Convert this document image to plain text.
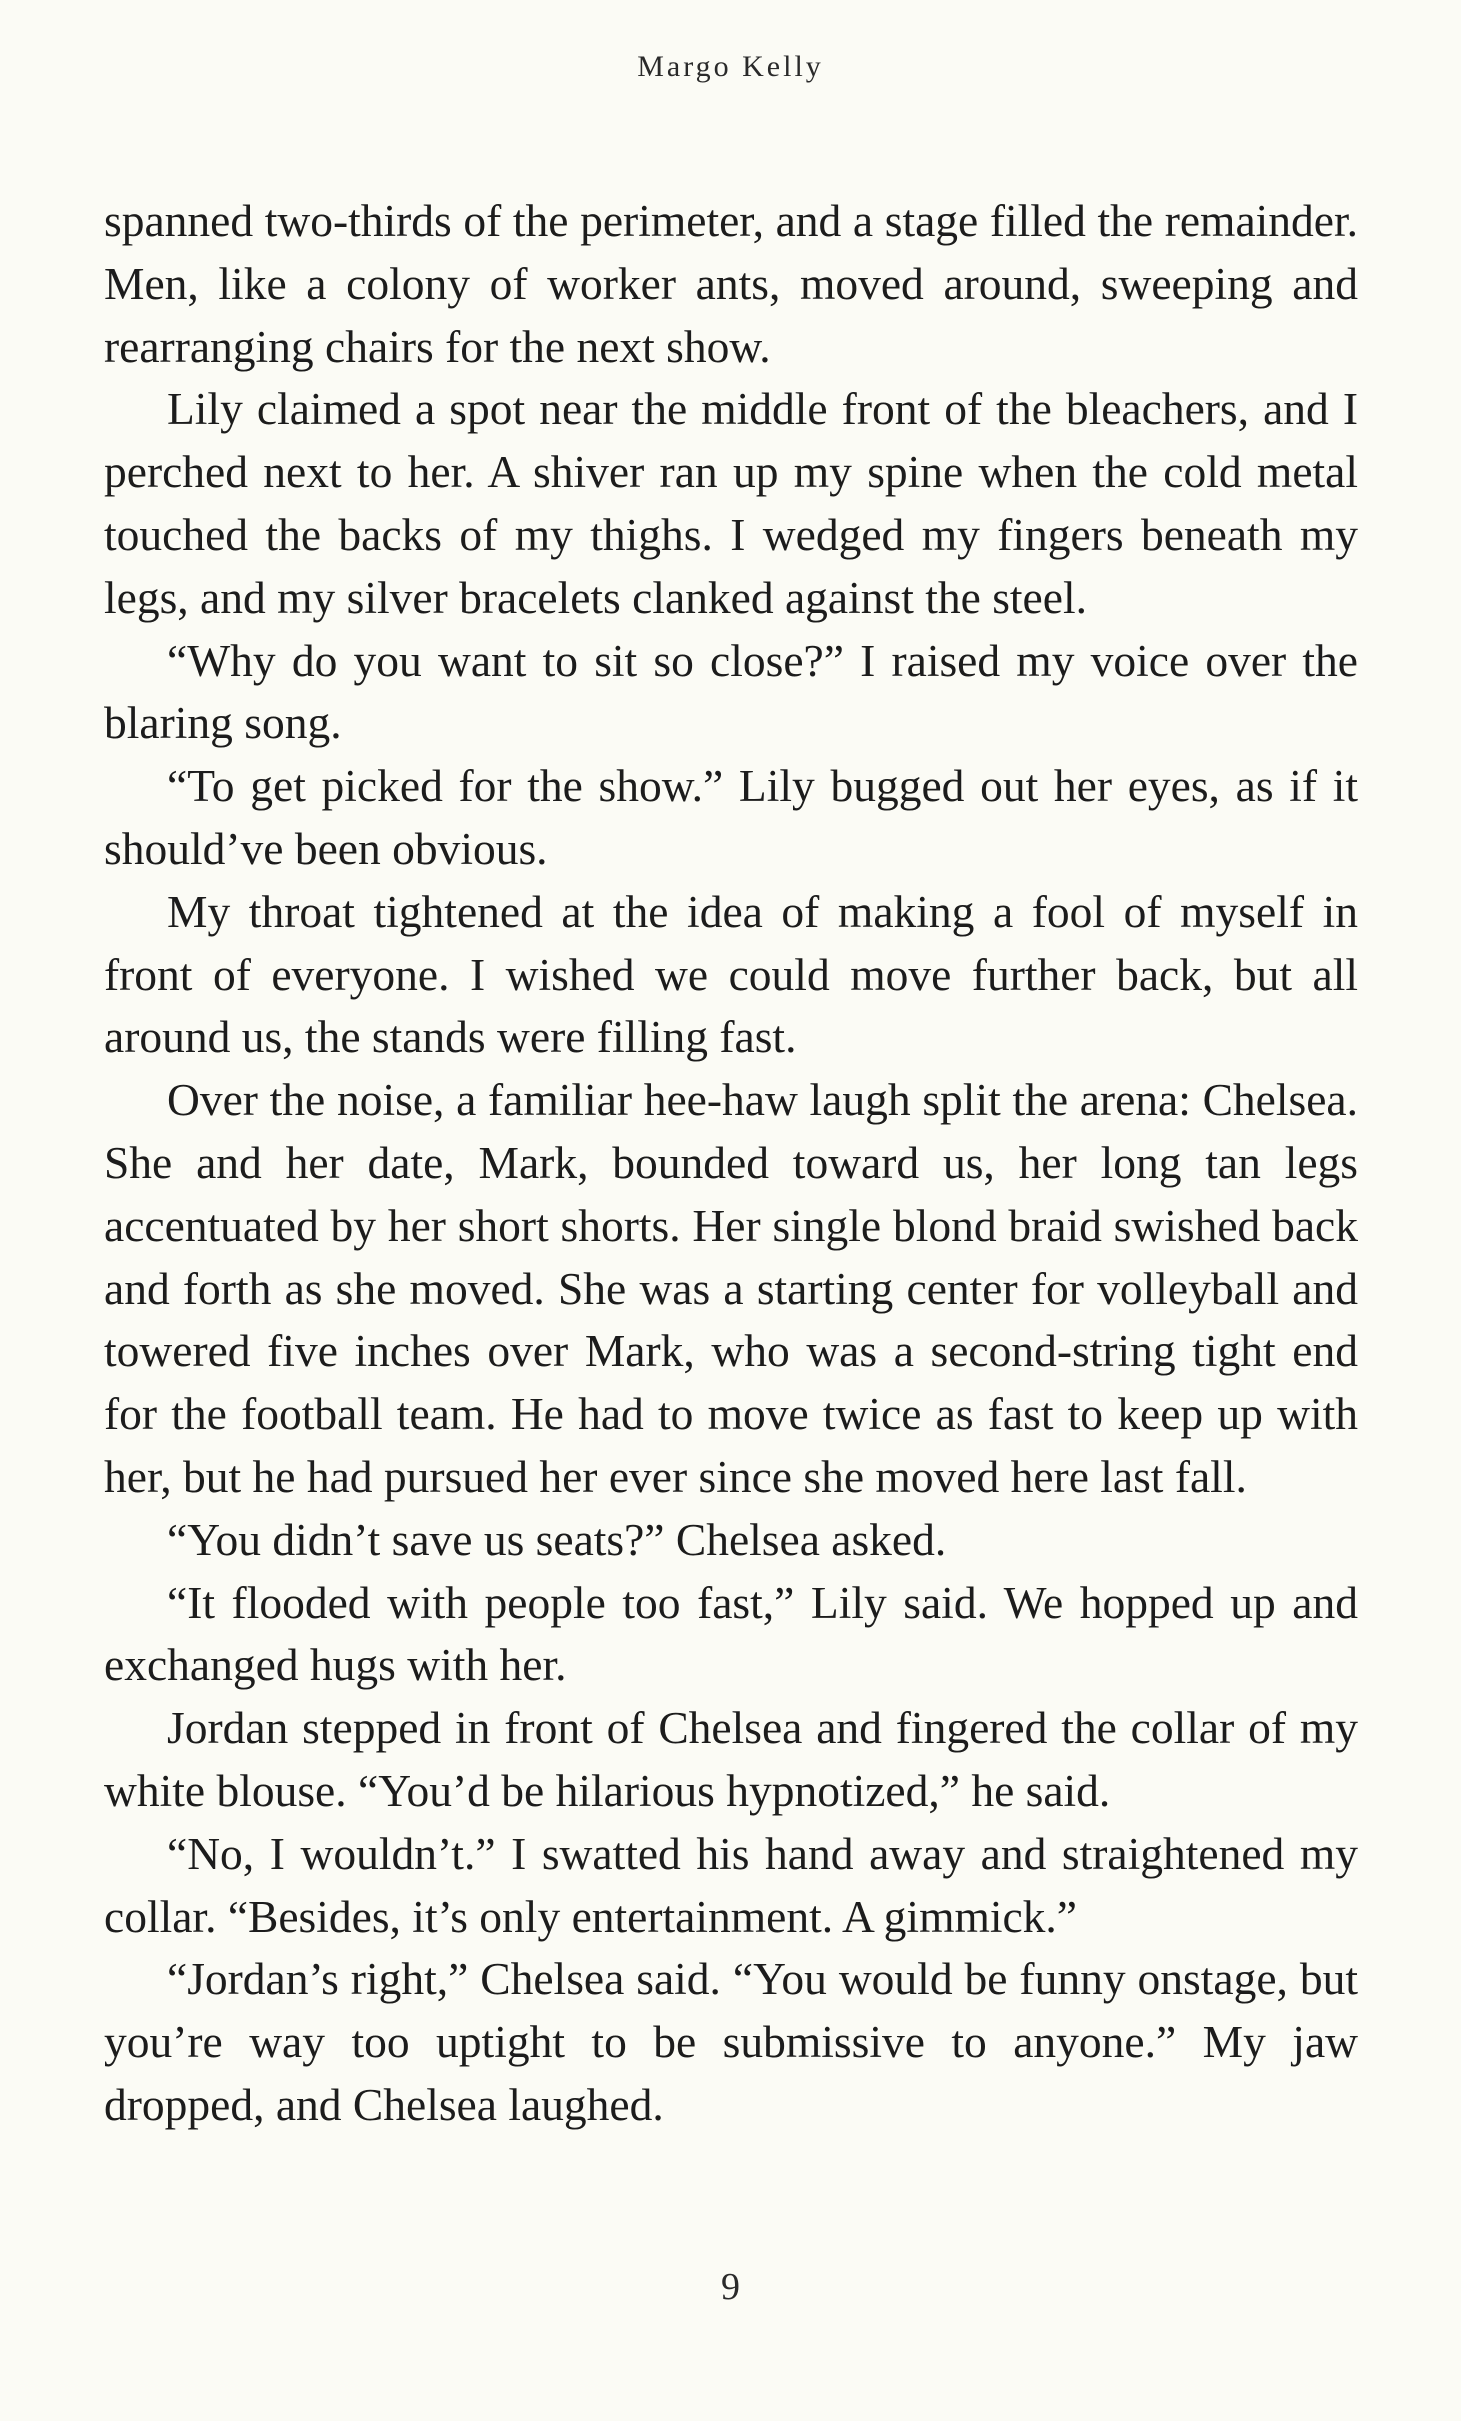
Margo Kelly

spanned two-thirds of the perimeter, and a stage filled the remainder. Men, like a colony of worker ants, moved around, sweeping and rearranging chairs for the next show.

Lily claimed a spot near the middle front of the bleachers, and I perched next to her. A shiver ran up my spine when the cold metal touched the backs of my thighs. I wedged my fingers beneath my legs, and my silver bracelets clanked against the steel.

“Why do you want to sit so close?” I raised my voice over the blaring song.

“To get picked for the show.” Lily bugged out her eyes, as if it should’ve been obvious.

My throat tightened at the idea of making a fool of myself in front of everyone. I wished we could move further back, but all around us, the stands were filling fast.

Over the noise, a familiar hee-haw laugh split the arena: Chelsea. She and her date, Mark, bounded toward us, her long tan legs accentuated by her short shorts. Her single blond braid swished back and forth as she moved. She was a starting center for volleyball and towered five inches over Mark, who was a second-string tight end for the football team. He had to move twice as fast to keep up with her, but he had pursued her ever since she moved here last fall.

“You didn’t save us seats?” Chelsea asked.

“It flooded with people too fast,” Lily said. We hopped up and exchanged hugs with her.

Jordan stepped in front of Chelsea and fingered the collar of my white blouse. “You’d be hilarious hypnotized,” he said.

“No, I wouldn’t.” I swatted his hand away and straightened my collar. “Besides, it’s only entertainment. A gimmick.”

“Jordan’s right,” Chelsea said. “You would be funny onstage, but you’re way too uptight to be submissive to anyone.” My jaw dropped, and Chelsea laughed.

9
